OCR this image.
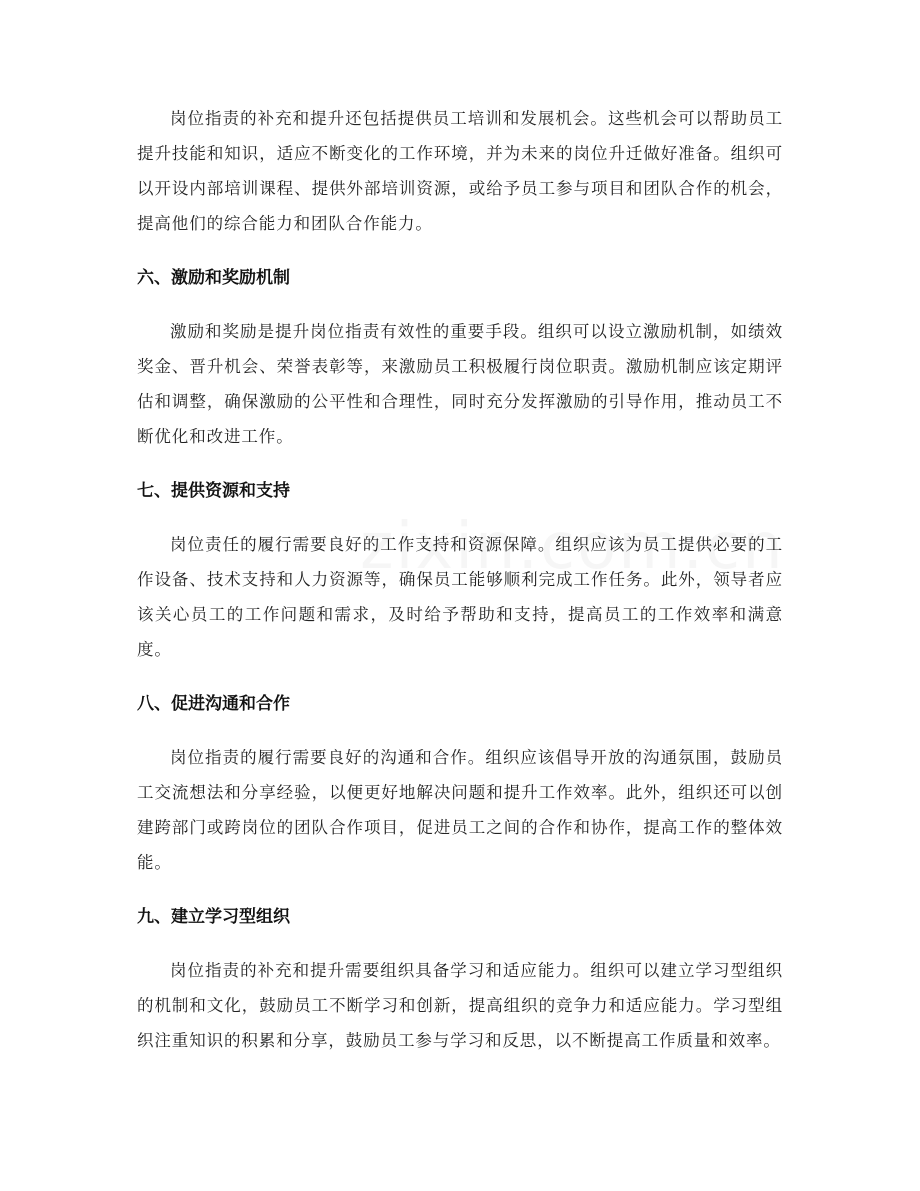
岗位指责的补充和提升还包括提供员工培训和发展机会。这些机会可以帮助员工提升技能和知识，适应不断变化的工作环境，并为未来的岗位升迁做好准备。组织可以开设内部培训课程、提供外部培训资源，或给予员工参与项目和团队合作的机会，提高他们的综合能力和团队合作能力。

六、激励和奖励机制

激励和奖励是提升岗位指责有效性的重要手段。组织可以设立激励机制，如绩效奖金、晋升机会、荣誉表彰等，来激励员工积极履行岗位职责。激励机制应该定期评估和调整，确保激励的公平性和合理性，同时充分发挥激励的引导作用，推动员工不断优化和改进工作。

七、提供资源和支持

岗位责任的履行需要良好的工作支持和资源保障。组织应该为员工提供必要的工作设备、技术支持和人力资源等，确保员工能够顺利完成工作任务。此外，领导者应该关心员工的工作问题和需求，及时给予帮助和支持，提高员工的工作效率和满意度。

八、促进沟通和合作

岗位指责的履行需要良好的沟通和合作。组织应该倡导开放的沟通氛围，鼓励员工交流想法和分享经验，以便更好地解决问题和提升工作效率。此外，组织还可以创建跨部门或跨岗位的团队合作项目，促进员工之间的合作和协作，提高工作的整体效能。

九、建立学习型组织

岗位指责的补充和提升需要组织具备学习和适应能力。组织可以建立学习型组织的机制和文化，鼓励员工不断学习和创新，提高组织的竞争力和适应能力。学习型组织注重知识的积累和分享，鼓励员工参与学习和反思，以不断提高工作质量和效率。
